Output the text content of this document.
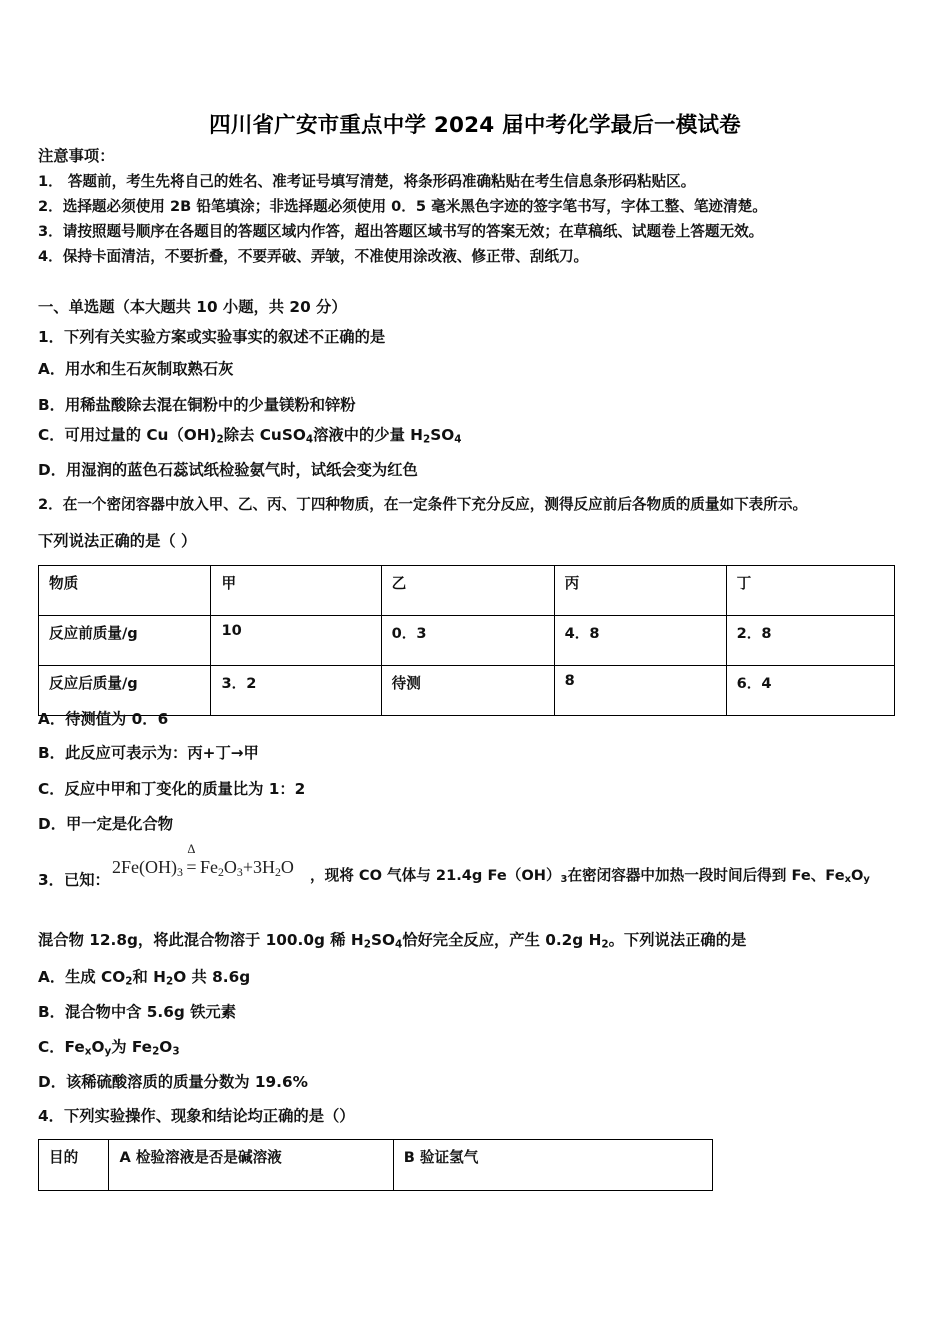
四川省广安市重点中学 2024 届中考化学最后一模试卷
注意事项：
1． 答题前，考生先将自己的姓名、准考证号填写清楚，将条形码准确粘贴在考生信息条形码粘贴区。
2．选择题必须使用 2B 铅笔填涂；非选择题必须使用 0．5 毫米黑色字迹的签字笔书写，字体工整、笔迹清楚。
3．请按照题号顺序在各题目的答题区域内作答，超出答题区域书写的答案无效；在草稿纸、试题卷上答题无效。
4．保持卡面清洁，不要折叠，不要弄破、弄皱，不准使用涂改液、修正带、刮纸刀。
一、单选题（本大题共 10 小题，共 20 分）
1．下列有关实验方案或实验事实的叙述不正确的是
A．用水和生石灰制取熟石灰
B．用稀盐酸除去混在铜粉中的少量镁粉和锌粉
C．可用过量的 $Cu(OH)_2$除去 CuSO$_4$溶液中的少量 $H_2SO_4$
D．用湿润的蓝色石蕊试纸检验氨气时，试纸会变为红色
2．在一个密闭容器中放入甲、乙、丙、丁四种物质，在一定条件下充分反应，测得反应前后各物质的质量如下表所示。
下列说法正确的是（ ）
物质	甲	乙	丙	丁
反应前质量/g	10	0．3	4．8	2．8
反应后质量/g	3．2	待测	8	6．4
A．待测值为 0．6
B．此反应可表示为：丙+丁→甲
C．反应中甲和丁变化的质量比为 1：2
D．甲一定是化合物
3．已知：
$2Fe(OH)_3$
Δ
= $Fe_2O_3+3H_2O$ ，现将 CO 气体与 21.4g $Fe(OH)_3$在密闭容器中加热一段时间后得到 Fe、$Fe_xO_y$
混合物 12.8g，将此混合物溶于 100.0g 稀 $H_2SO_4$恰好完全反应，产生 0.2g $H_2$。下列说法正确的是
A．生成 $CO_2$和 $H_2O$ 共 8.6g
B．混合物中含 5.6g 铁元素
C．$Fe_xO_y$为 $Fe_2O_3$
D．该稀硫酸溶质的质量分数为 19.6%
4．下列实验操作、现象和结论均正确的是（）
目的	A 检验溶液是否是碱溶液	B 验证氢气
